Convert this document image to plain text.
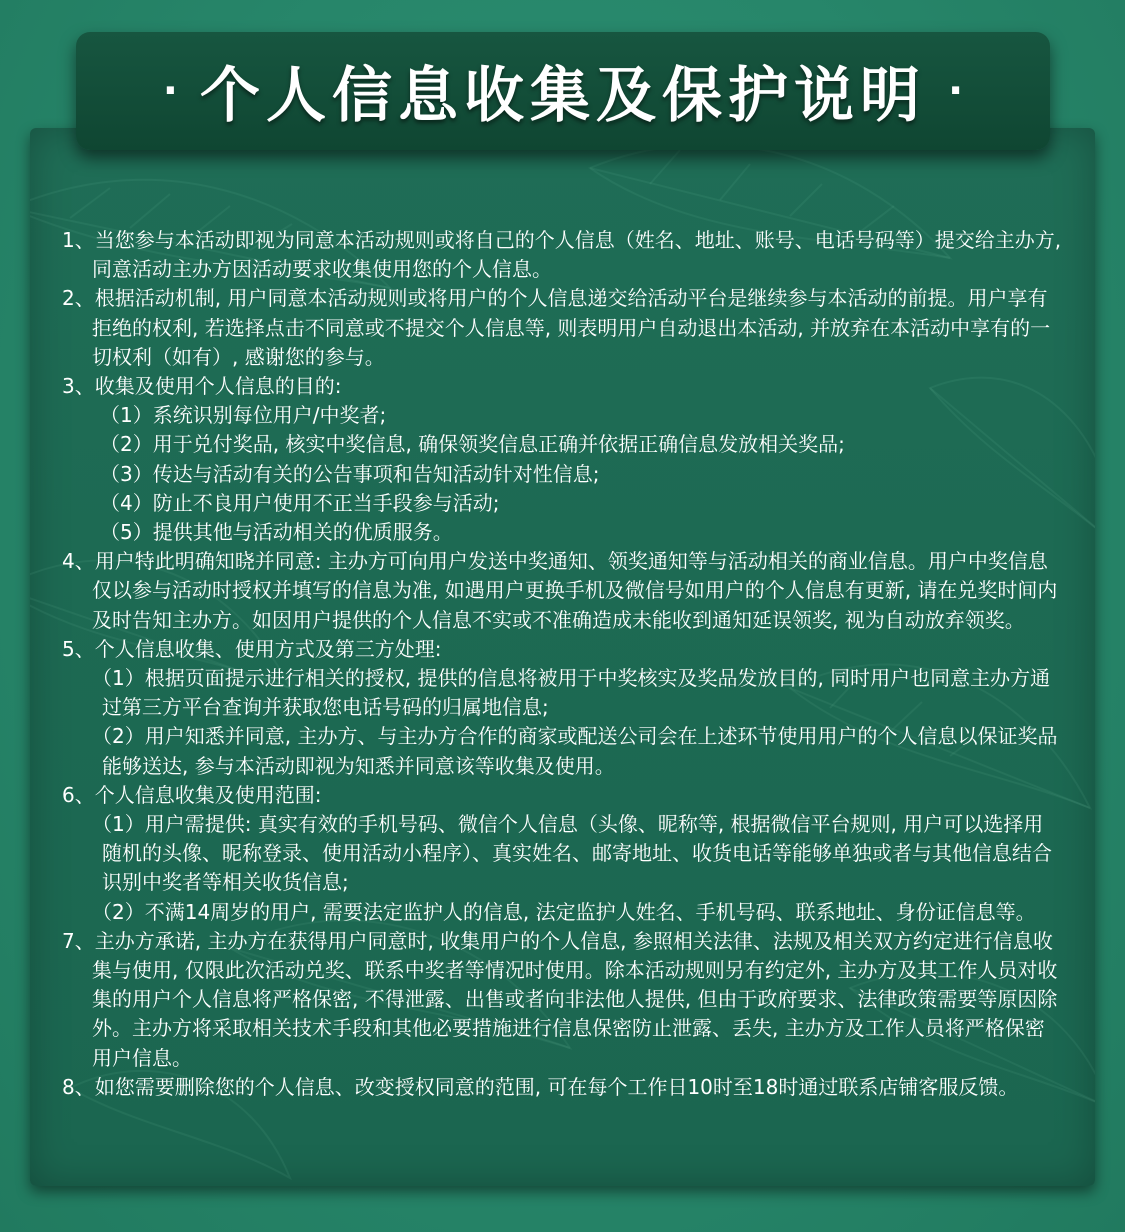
· 个人信息收集及保护说明 ·

1、当您参与本活动即视为同意本活动规则或将自己的个人信息（姓名、地址、账号、电话号码等）提交给主办方, 同意活动主办方因活动要求收集使用您的个人信息。

2、根据活动机制, 用户同意本活动规则或将用户的个人信息递交给活动平台是继续参与本活动的前提。用户享有拒绝的权利, 若选择点击不同意或不提交个人信息等, 则表明用户自动退出本活动, 并放弃在本活动中享有的一切权利（如有）, 感谢您的参与。

3、收集及使用个人信息的目的:

（1）系统识别每位用户/中奖者;

（2）用于兑付奖品, 核实中奖信息, 确保领奖信息正确并依据正确信息发放相关奖品;

（3）传达与活动有关的公告事项和告知活动针对性信息;

（4）防止不良用户使用不正当手段参与活动;

（5）提供其他与活动相关的优质服务。

4、用户特此明确知晓并同意: 主办方可向用户发送中奖通知、领奖通知等与活动相关的商业信息。用户中奖信息仅以参与活动时授权并填写的信息为准, 如遇用户更换手机及微信号如用户的个人信息有更新, 请在兑奖时间内及时告知主办方。如因用户提供的个人信息不实或不准确造成未能收到通知延误领奖, 视为自动放弃领奖。

5、个人信息收集、使用方式及第三方处理:

（1）根据页面提示进行相关的授权, 提供的信息将被用于中奖核实及奖品发放目的, 同时用户也同意主办方通过第三方平台查询并获取您电话号码的归属地信息;

（2）用户知悉并同意, 主办方、与主办方合作的商家或配送公司会在上述环节使用用户的个人信息以保证奖品能够送达, 参与本活动即视为知悉并同意该等收集及使用。

6、个人信息收集及使用范围:

（1）用户需提供: 真实有效的手机号码、微信个人信息（头像、昵称等, 根据微信平台规则, 用户可以选择用随机的头像、昵称登录、使用活动小程序）、真实姓名、邮寄地址、收货电话等能够单独或者与其他信息结合识别中奖者等相关收货信息;

（2）不满14周岁的用户, 需要法定监护人的信息, 法定监护人姓名、手机号码、联系地址、身份证信息等。

7、主办方承诺, 主办方在获得用户同意时, 收集用户的个人信息, 参照相关法律、法规及相关双方约定进行信息收集与使用, 仅限此次活动兑奖、联系中奖者等情况时使用。除本活动规则另有约定外, 主办方及其工作人员对收集的用户个人信息将严格保密, 不得泄露、出售或者向非法他人提供, 但由于政府要求、法律政策需要等原因除外。主办方将采取相关技术手段和其他必要措施进行信息保密防止泄露、丢失, 主办方及工作人员将严格保密用户信息。

8、如您需要删除您的个人信息、改变授权同意的范围, 可在每个工作日10时至18时通过联系店铺客服反馈。
